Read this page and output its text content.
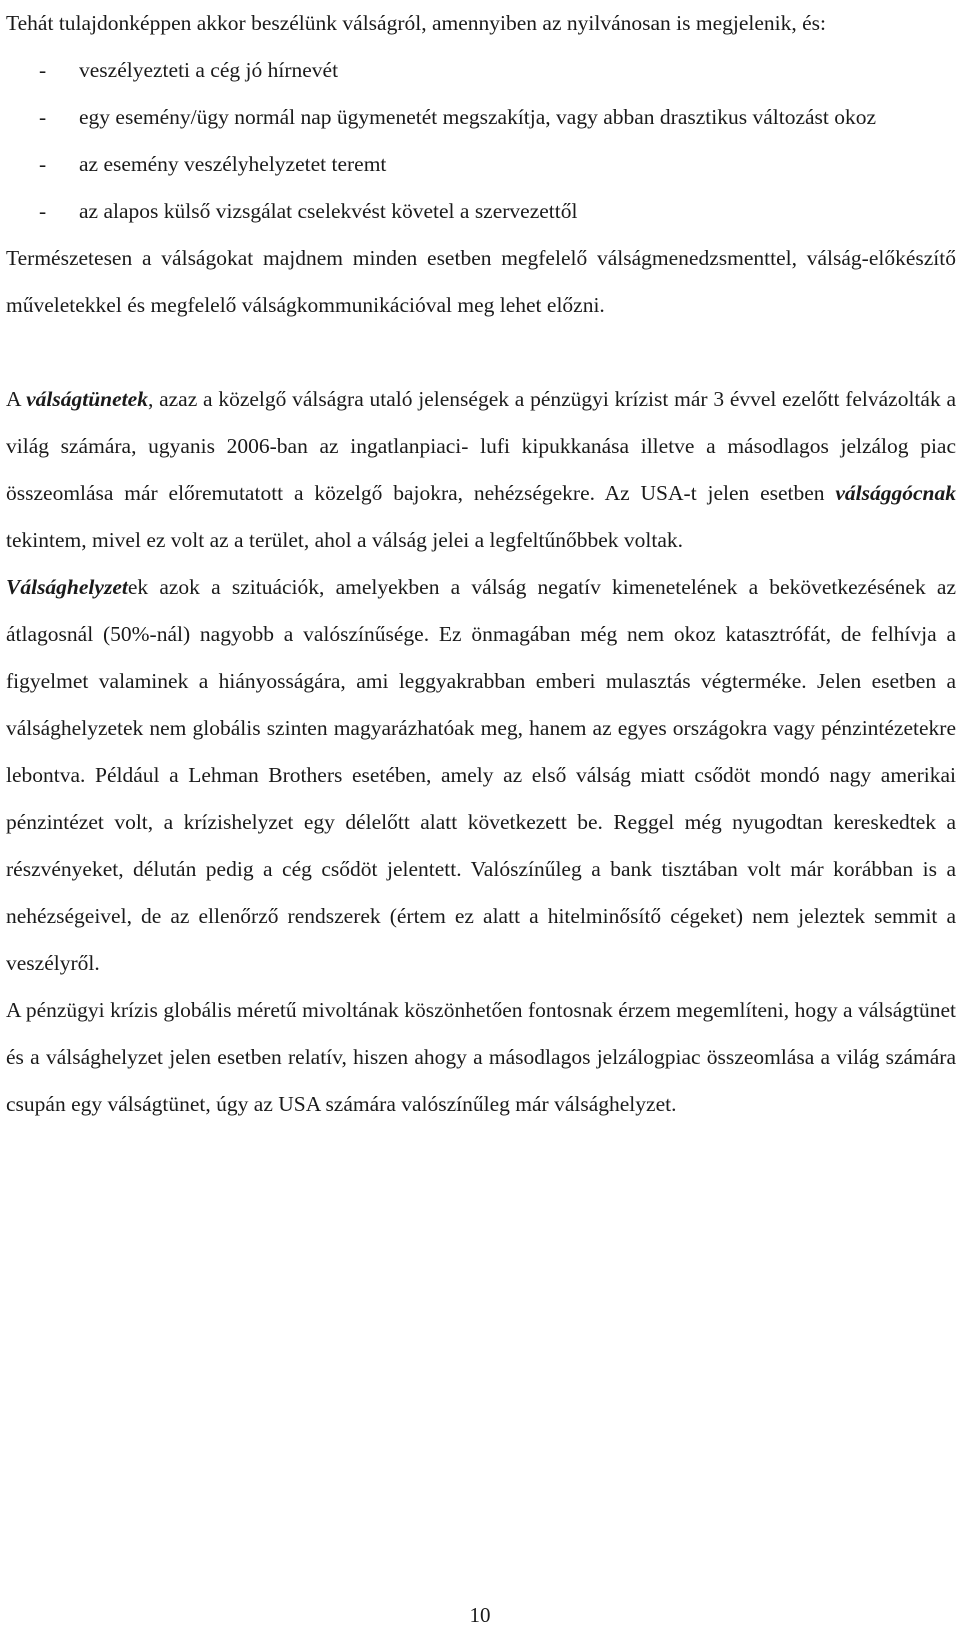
Tehát tulajdonképpen akkor beszélünk válságról, amennyiben az nyilvánosan is megjelenik, és:

- veszélyezteti a cég jó hírnevét
- egy esemény/ügy normál nap ügymenetét megszakítja, vagy abban drasztikus változást okoz
- az esemény veszélyhelyzetet teremt
- az alapos külső vizsgálat cselekvést követel a szervezettől

Természetesen a válságokat majdnem minden esetben megfelelő válságmenedzsmenttel, válság-előkészítő műveletekkel és megfelelő válságkommunikációval meg lehet előzni.

A válságtünetek, azaz a közelgő válságra utaló jelenségek a pénzügyi krízist már 3 évvel ezelőtt felvázolták a világ számára, ugyanis 2006-ban az ingatlanpiaci- lufi kipukkanása illetve a másodlagos jelzálog piac összeomlása már előremutatott a közelgő bajokra, nehézségekre. Az USA-t jelen esetben válsággócnak tekintem, mivel ez volt az a terület, ahol a válság jelei a legfeltűnőbbek voltak.

Válsághelyzetek azok a szituációk, amelyekben a válság negatív kimenetelének a bekövetkezésének az átlagosnál (50%-nál) nagyobb a valószínűsége. Ez önmagában még nem okoz katasztrófát, de felhívja a figyelmet valaminek a hiányosságára, ami leggyakrabban emberi mulasztás végterméke. Jelen esetben a válsághelyzetek nem globális szinten magyarázhatóak meg, hanem az egyes országokra vagy pénzintézetekre lebontva. Például a Lehman Brothers esetében, amely az első válság miatt csődöt mondó nagy amerikai pénzintézet volt, a krízishelyzet egy délelőtt alatt következett be. Reggel még nyugodtan kereskedtek a részvényeket, délután pedig a cég csődöt jelentett. Valószínűleg a bank tisztában volt már korábban is a nehézségeivel, de az ellenőrző rendszerek (értem ez alatt a hitelminősítő cégeket) nem jeleztek semmit a veszélyről.

A pénzügyi krízis globális méretű mivoltának köszönhetően fontosnak érzem megemlíteni, hogy a válságtünet és a válsághelyzet jelen esetben relatív, hiszen ahogy a másodlagos jelzálogpiac összeomlása a világ számára csupán egy válságtünet, úgy az USA számára valószínűleg már válsághelyzet.

10
